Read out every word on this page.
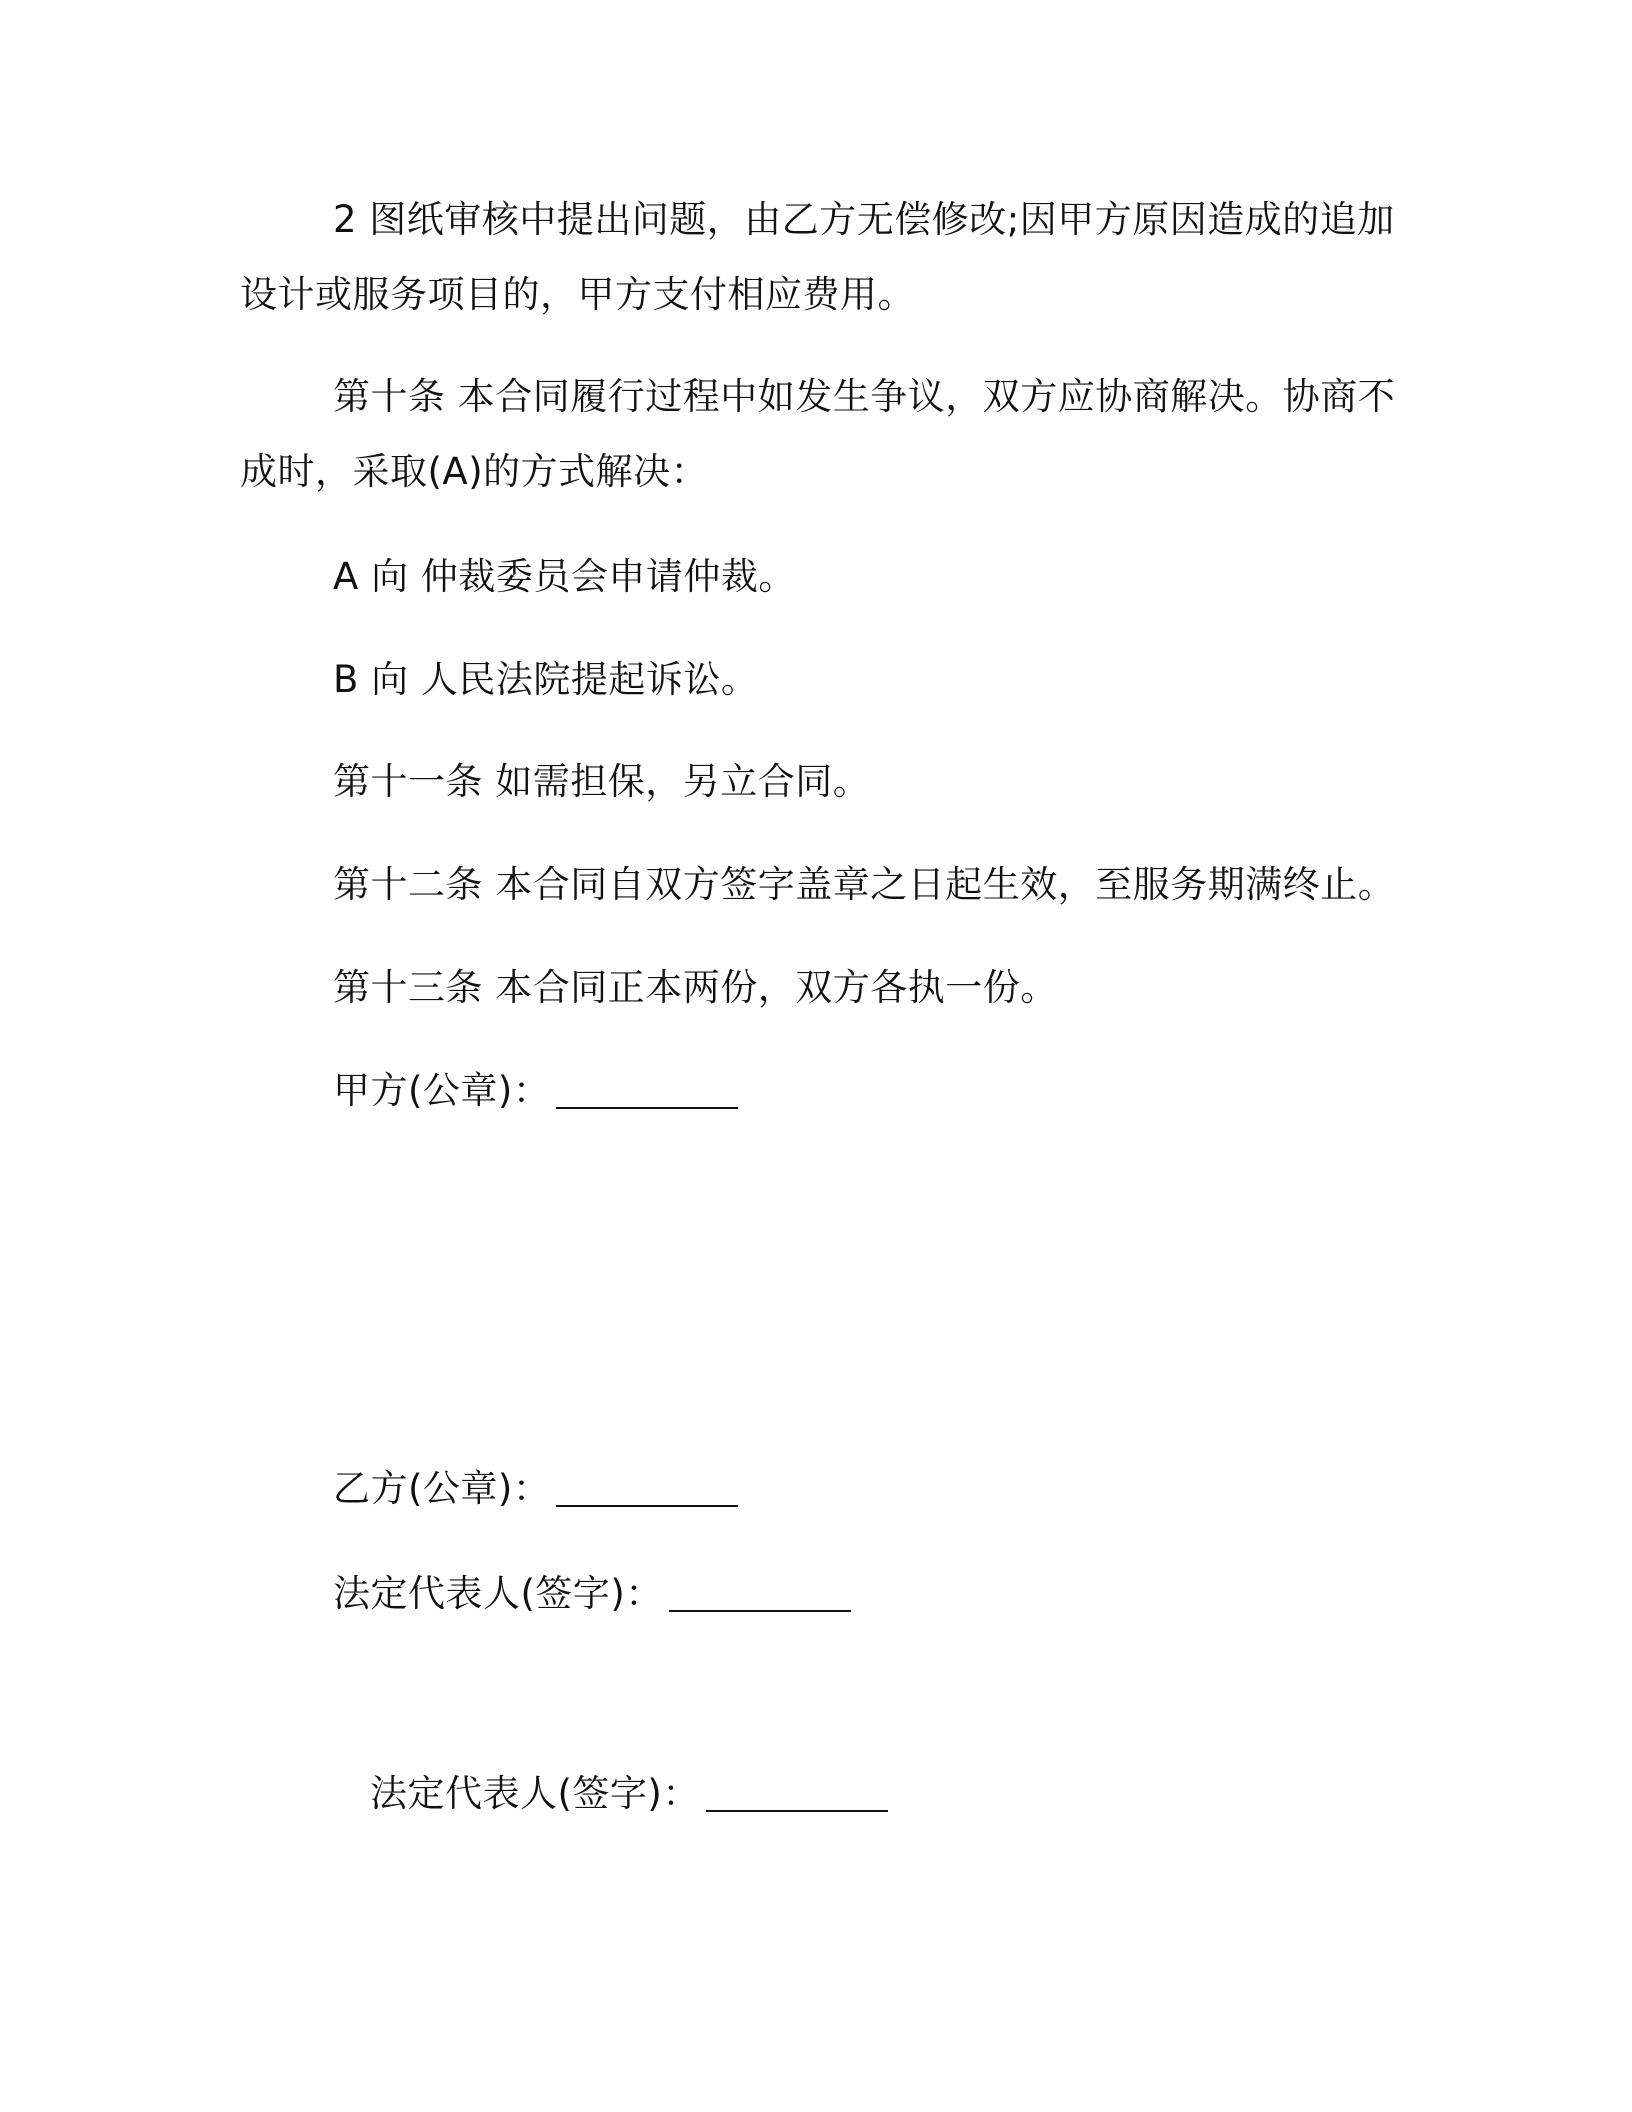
2 图纸审核中提出问题，由乙方无偿修改;因甲方原因造成的追加
设计或服务项目的，甲方支付相应费用。
第十条 本合同履行过程中如发生争议，双方应协商解决。协商不
成时，采取(A)的方式解决：
A 向 仲裁委员会申请仲裁。
B 向 人民法院提起诉讼。
第十一条 如需担保，另立合同。
第十二条 本合同自双方签字盖章之日起生效，至服务期满终止。
第十三条 本合同正本两份，双方各执一份。
甲方(公章)：
乙方(公章)：
法定代表人(签字)：
法定代表人(签字)：
